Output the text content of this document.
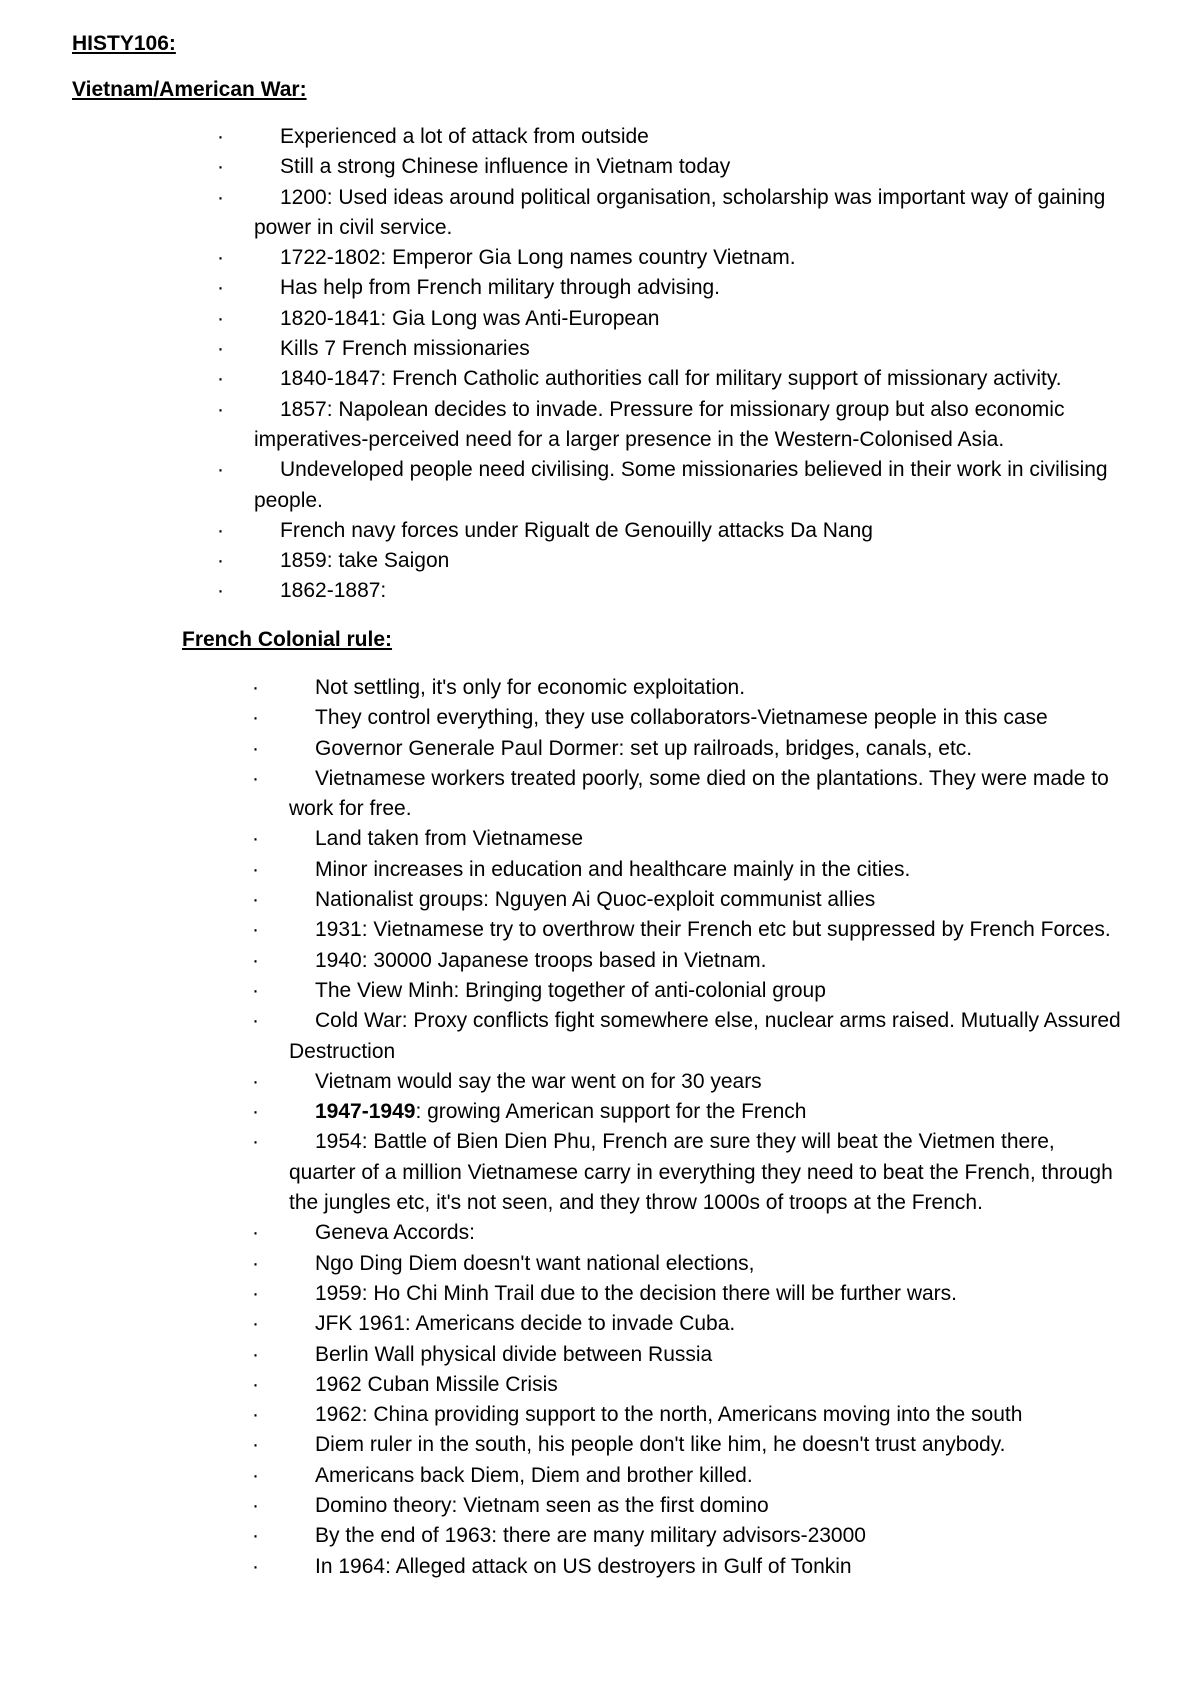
HISTY106:
Vietnam/American War:
·	Experienced a lot of attack from outside
·	Still a strong Chinese influence in Vietnam today
·	1200: Used ideas around political organisation, scholarship was important way of gaining power in civil service.
·	1722-1802: Emperor Gia Long names country Vietnam.
·	Has help from French military through advising.
·	1820-1841: Gia Long was Anti-European
·	Kills 7 French missionaries
·	1840-1847: French Catholic authorities call for military support of missionary activity.
·	1857: Napolean decides to invade. Pressure for missionary group but also economic imperatives-perceived need for a larger presence in the Western-Colonised Asia.
·	Undeveloped people need civilising. Some missionaries believed in their work in civilising people.
·	French navy forces under Rigualt de Genouilly attacks Da Nang
·	1859: take Saigon
·	1862-1887:
French Colonial rule:
·	Not settling, it's only for economic exploitation.
·	They control everything, they use collaborators-Vietnamese people in this case
·	Governor Generale Paul Dormer: set up railroads, bridges, canals, etc.
·	Vietnamese workers treated poorly, some died on the plantations. They were made to work for free.
·	Land taken from Vietnamese
·	Minor increases in education and healthcare mainly in the cities.
·	Nationalist groups: Nguyen Ai Quoc-exploit communist allies
·	1931: Vietnamese try to overthrow their French etc but suppressed by French Forces.
·	1940: 30000 Japanese troops based in Vietnam.
·	The View Minh: Bringing together of anti-colonial group
·	Cold War: Proxy conflicts fight somewhere else, nuclear arms raised. Mutually Assured Destruction
·	Vietnam would say the war went on for 30 years
·	1947-1949: growing American support for the French
·	1954: Battle of Bien Dien Phu, French are sure they will beat the Vietmen there, quarter of a million Vietnamese carry in everything they need to beat the French, through the jungles etc, it's not seen, and they throw 1000s of troops at the French.
·	Geneva Accords:
·	Ngo Ding Diem doesn't want national elections,
·	1959: Ho Chi Minh Trail due to the decision there will be further wars.
·	JFK 1961: Americans decide to invade Cuba.
·	Berlin Wall physical divide between Russia
·	1962 Cuban Missile Crisis
·	1962: China providing support to the north, Americans moving into the south
·	Diem ruler in the south, his people don't like him, he doesn't trust anybody.
·	Americans back Diem, Diem and brother killed.
·	Domino theory: Vietnam seen as the first domino
·	By the end of 1963: there are many military advisors-23000
·	In 1964: Alleged attack on US destroyers in Gulf of Tonkin
